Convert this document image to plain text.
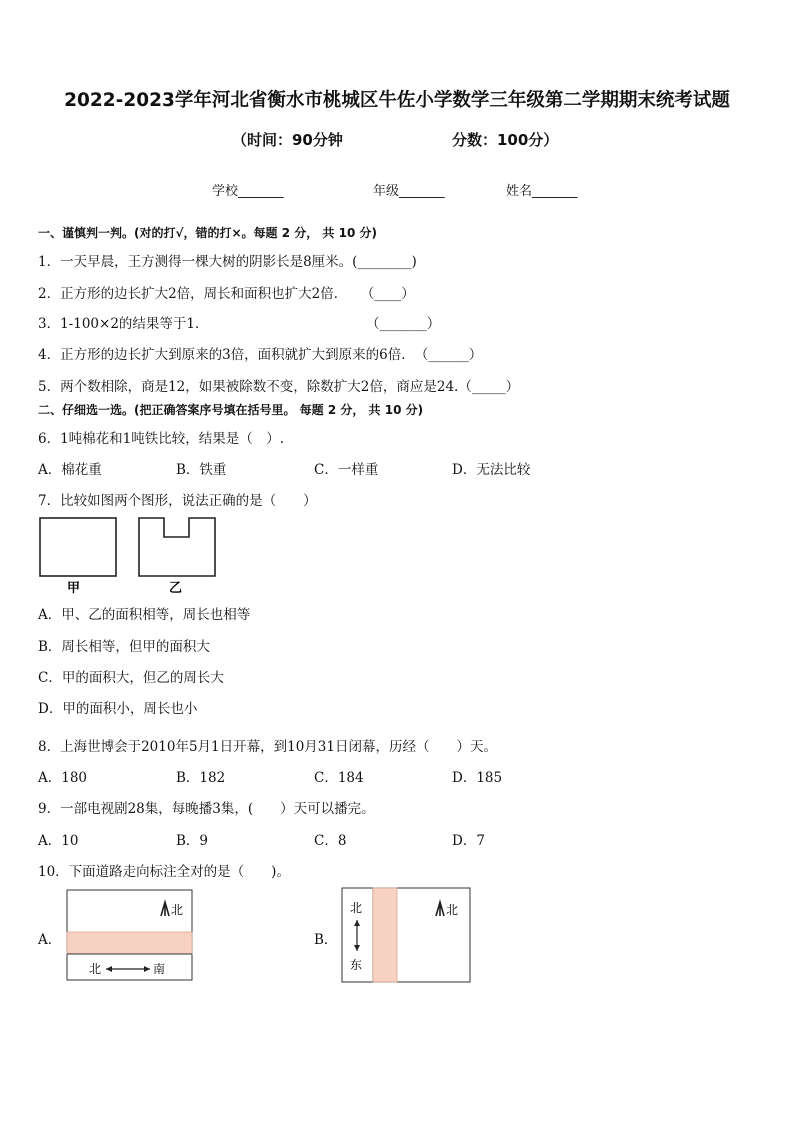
2022-2023学年河北省衡水市桃城区牛佐小学数学三年级第二学期期末统考试题
（时间：90分钟	分数：100分）
学校_______	年级_______	姓名_______
一、谨慎判一判。(对的打√，错的打×。每题 2 分， 共 10 分)
1．一天早晨，王方测得一棵大树的阴影长是8厘米。(________)
2．正方形的边长扩大2倍，周长和面积也扩大2倍．　　（____）
3．1-100×2的结果等于1．	（_______）
4．正方形的边长扩大到原来的3倍，面积就扩大到原来的6倍．　（______）
5．两个数相除，商是12，如果被除数不变，除数扩大2倍，商应是24.（_____）
二、仔细选一选。(把正确答案序号填在括号里。 每题 2 分， 共 10 分)
6．1吨棉花和1吨铁比较，结果是（　）.
A．棉花重	B．铁重	C．一样重	D．无法比较
7．比较如图两个图形，说法正确的是（　　）
甲	乙
A．甲、乙的面积相等，周长也相等
B．周长相等，但甲的面积大
C．甲的面积大，但乙的周长大
D．甲的面积小，周长也小
8．上海世博会于2010年5月1日开幕，到10月31日闭幕，历经（　　）天。
A．180	B．182	C．184	D．185
9．一部电视剧28集，每晚播3集，(　　）天可以播完。
A．10	B．9	C．8	D．7
10．下面道路走向标注全对的是（　　)。
A．	B．
北
北	南
北
东
北
